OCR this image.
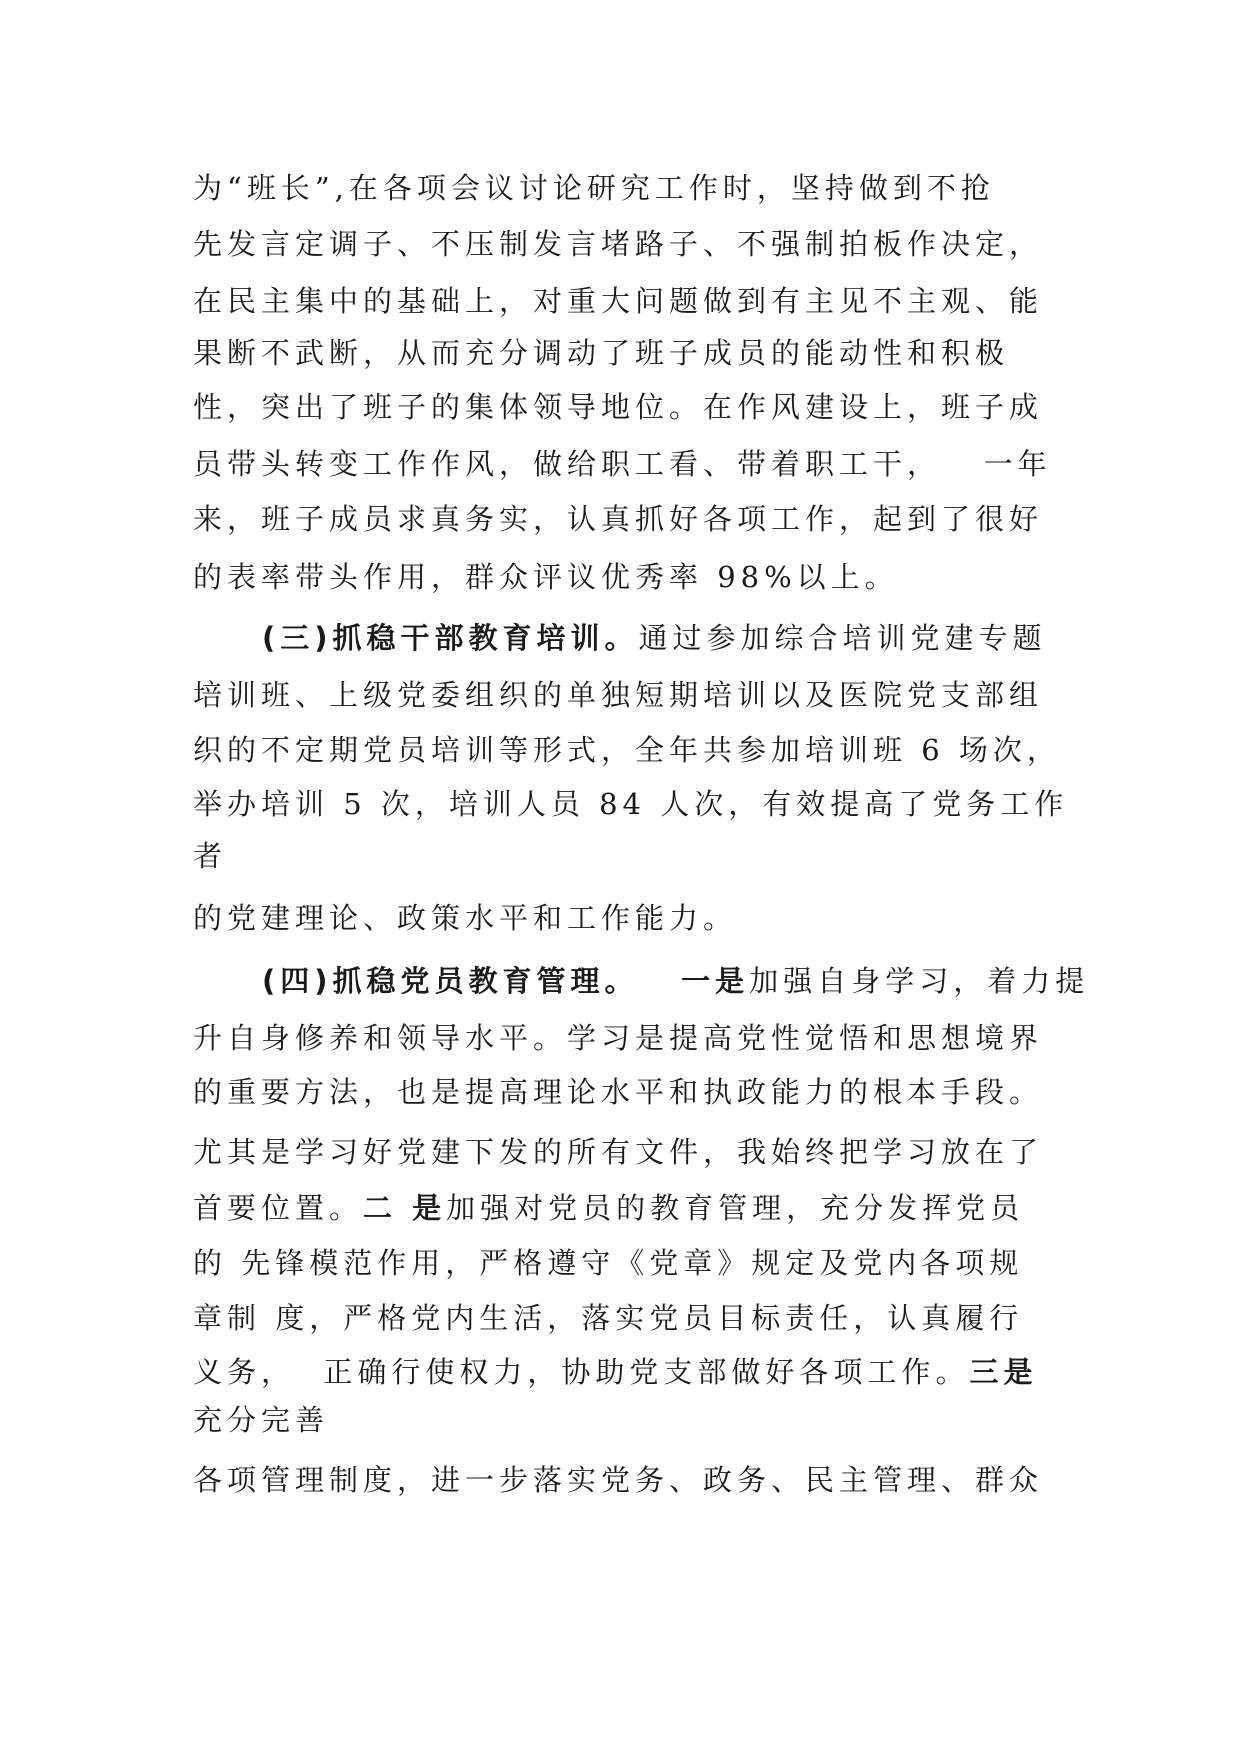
为“班长”,在各项会议讨论研究工作时，坚持做到不抢
先发言定调子、不压制发言堵路子、不强制拍板作决定，
在民主集中的基础上，对重大问题做到有主见不主观、能
果断不武断，从而充分调动了班子成员的能动性和积极
性，突出了班子的集体领导地位。在作风建设上，班子成
员带头转变工作作风，做给职工看、带着职工干，   一年
来，班子成员求真务实，认真抓好各项工作，起到了很好
的表率带头作用，群众评议优秀率 98%以上。
(三)抓稳干部教育培训。通过参加综合培训党建专题
培训班、上级党委组织的单独短期培训以及医院党支部组
织的不定期党员培训等形式，全年共参加培训班 6 场次，
举办培训 5 次，培训人员 84 人次，有效提高了党务工作
者
的党建理论、政策水平和工作能力。
(四)抓稳党员教育管理。 一是加强自身学习，着力提
升自身修养和领导水平。学习是提高党性觉悟和思想境界
的重要方法，也是提高理论水平和执政能力的根本手段。
尤其是学习好党建下发的所有文件，我始终把学习放在了
首要位置。二 是加强对党员的教育管理，充分发挥党员
的 先锋模范作用，严格遵守《党章》规定及党内各项规
章制 度，严格党内生活，落实党员目标责任，认真履行
义务，  正确行使权力，协助党支部做好各项工作。三是
充分完善
各项管理制度，进一步落实党务、政务、民主管理、群众
